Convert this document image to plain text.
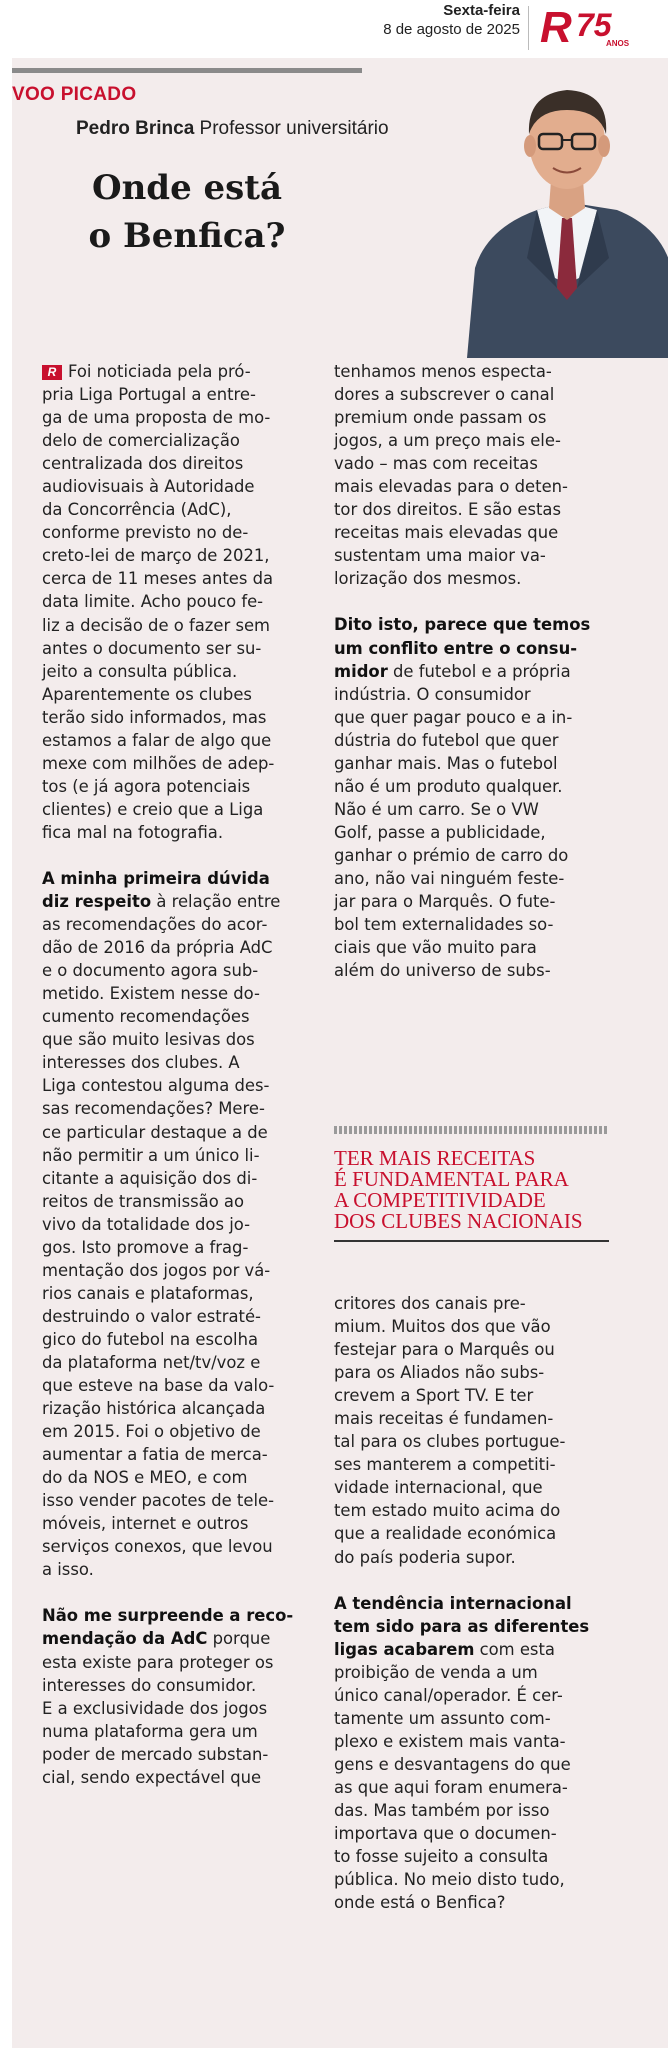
Sexta-feira
8 de agosto de 2025 R 75
ANOS
VOO PICADO
Pedro Brinca Professor universitário
Onde está
o Benfica?
R Foi noticiada pela pró-
pria Liga Portugal a entre-
ga de uma proposta de mo-
delo de comercialização
centralizada dos direitos
audiovisuais à Autoridade
da Concorrência (AdC),
conforme previsto no de-
creto-lei de março de 2021,
cerca de 11 meses antes da
data limite. Acho pouco fe-
liz a decisão de o fazer sem
antes o documento ser su-
jeito a consulta pública.
Aparentemente os clubes
terão sido informados, mas
estamos a falar de algo que
mexe com milhões de adep-
tos (e já agora potenciais
clientes) e creio que a Liga
fica mal na fotografia.
A minha primeira dúvida
diz respeito à relação entre
as recomendações do acor-
dão de 2016 da própria AdC
e o documento agora sub-
metido. Existem nesse do-
cumento recomendações
que são muito lesivas dos
interesses dos clubes. A
Liga contestou alguma des-
sas recomendações? Mere-
ce particular destaque a de
não permitir a um único li-
citante a aquisição dos di-
reitos de transmissão ao
vivo da totalidade dos jo-
gos. Isto promove a frag-
mentação dos jogos por vá-
rios canais e plataformas,
destruindo o valor estraté-
gico do futebol na escolha
da plataforma net/tv/voz e
que esteve na base da valo-
rização histórica alcançada
em 2015. Foi o objetivo de
aumentar a fatia de merca-
do da NOS e MEO, e com
isso vender pacotes de tele-
móveis, internet e outros
serviços conexos, que levou
a isso.
Não me surpreende a reco-
mendação da AdC porque
esta existe para proteger os
interesses do consumidor.
E a exclusividade dos jogos
numa plataforma gera um
poder de mercado substan-
cial, sendo expectável que
tenhamos menos especta-
dores a subscrever o canal
premium onde passam os
jogos, a um preço mais ele-
vado – mas com receitas
mais elevadas para o deten-
tor dos direitos. E são estas
receitas mais elevadas que
sustentam uma maior va-
lorização dos mesmos.
Dito isto, parece que temos
um conflito entre o consu-
midor de futebol e a própria
indústria. O consumidor
que quer pagar pouco e a in-
dústria do futebol que quer
ganhar mais. Mas o futebol
não é um produto qualquer.
Não é um carro. Se o VW
Golf, passe a publicidade,
ganhar o prémio de carro do
ano, não vai ninguém feste-
jar para o Marquês. O fute-
bol tem externalidades so-
ciais que vão muito para
além do universo de subs-
TER MAIS RECEITAS
É FUNDAMENTAL PARA
A COMPETITIVIDADE
DOS CLUBES NACIONAIS
critores dos canais pre-
mium. Muitos dos que vão
festejar para o Marquês ou
para os Aliados não subs-
crevem a Sport TV. E ter
mais receitas é fundamen-
tal para os clubes portugue-
ses manterem a competiti-
vidade internacional, que
tem estado muito acima do
que a realidade económica
do país poderia supor.
A tendência internacional
tem sido para as diferentes
ligas acabarem com esta
proibição de venda a um
único canal/operador. É cer-
tamente um assunto com-
plexo e existem mais vanta-
gens e desvantagens do que
as que aqui foram enumera-
das. Mas também por isso
importava que o documen-
to fosse sujeito a consulta
pública. No meio disto tudo,
onde está o Benfica?
